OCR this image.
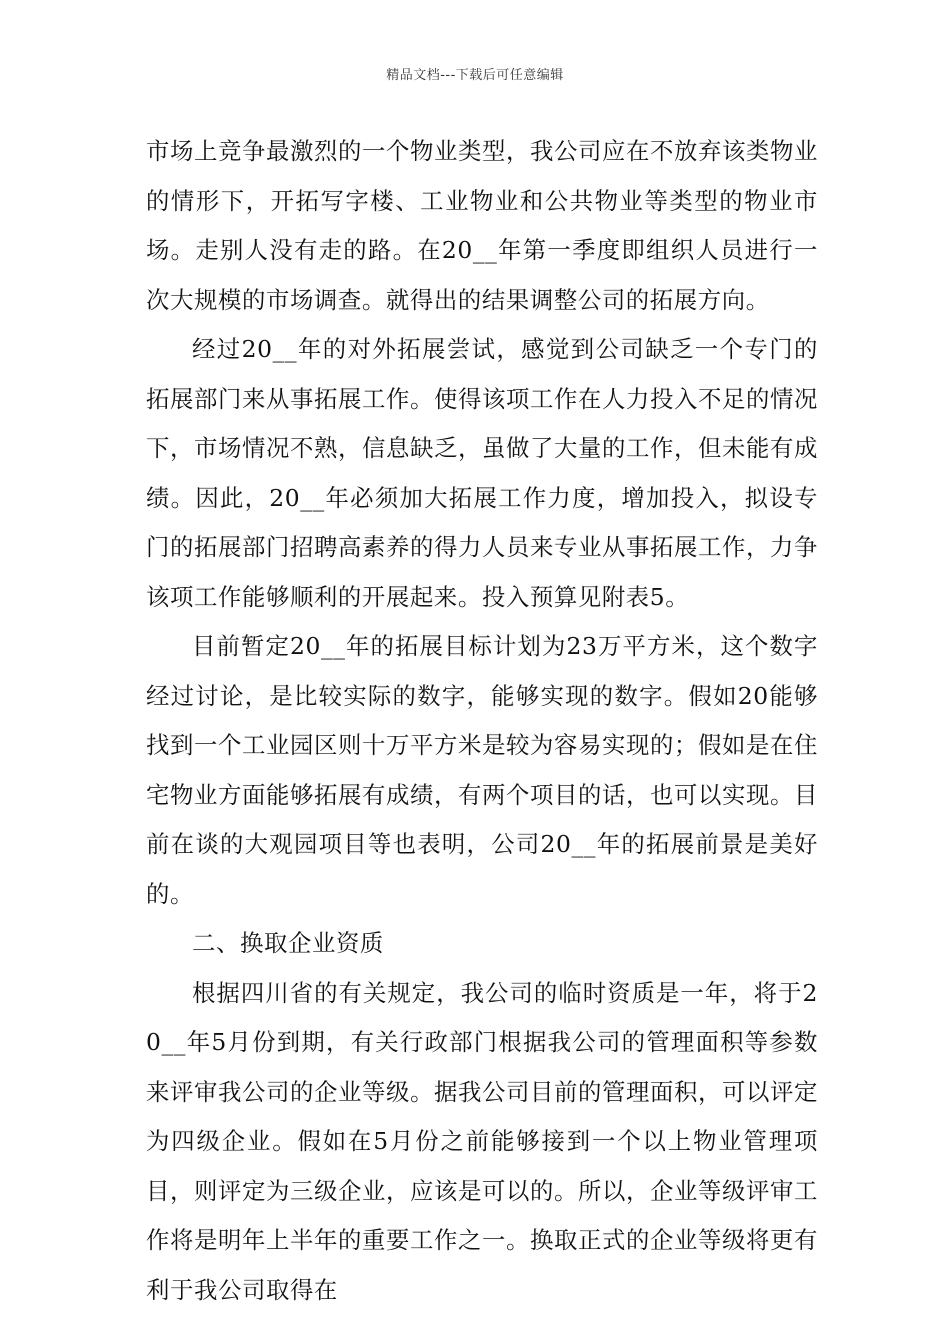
精品文档---下载后可任意编辑

市场上竞争最激烈的一个物业类型，我公司应在不放弃该类物业的情形下，开拓写字楼、工业物业和公共物业等类型的物业市场。走别人没有走的路。在20__年第一季度即组织人员进行一次大规模的市场调查。就得出的结果调整公司的拓展方向。

经过20__年的对外拓展尝试，感觉到公司缺乏一个专门的拓展部门来从事拓展工作。使得该项工作在人力投入不足的情况下，市场情况不熟，信息缺乏，虽做了大量的工作，但未能有成绩。因此，20__年必须加大拓展工作力度，增加投入，拟设专门的拓展部门招聘高素养的得力人员来专业从事拓展工作，力争该项工作能够顺利的开展起来。投入预算见附表5。

目前暂定20__年的拓展目标计划为23万平方米，这个数字经过讨论，是比较实际的数字，能够实现的数字。假如20能够找到一个工业园区则十万平方米是较为容易实现的；假如是在住宅物业方面能够拓展有成绩，有两个项目的话，也可以实现。目前在谈的大观园项目等也表明，公司20__年的拓展前景是美好的。

二、换取企业资质

根据四川省的有关规定，我公司的临时资质是一年，将于20__年5月份到期，有关行政部门根据我公司的管理面积等参数来评审我公司的企业等级。据我公司目前的管理面积，可以评定为四级企业。假如在5月份之前能够接到一个以上物业管理项目，则评定为三级企业，应该是可以的。所以，企业等级评审工作将是明年上半年的重要工作之一。换取正式的企业等级将更有利于我公司取得在
